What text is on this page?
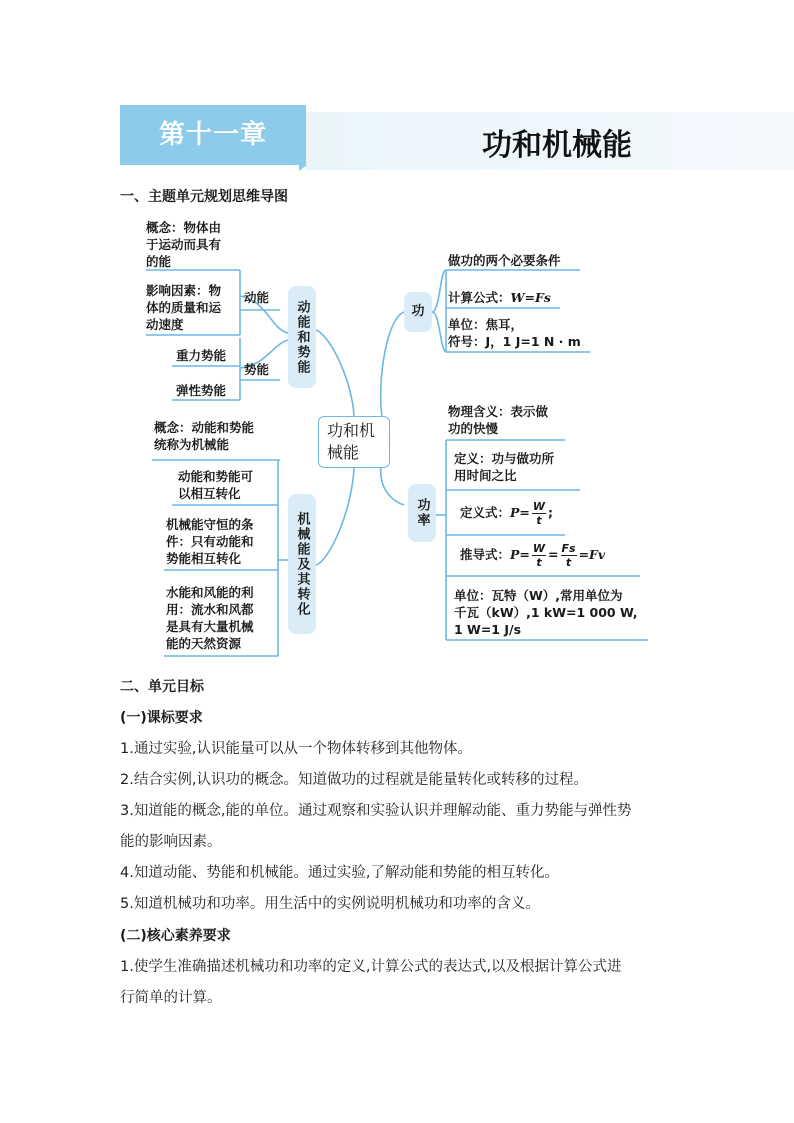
功和机械能
第十一章
一、主题单元规划思维导图
功和机械能
动能和势能
机械能及其转化
功
功率
概念：物体由
于运动而具有
的能
影响因素：物
体的质量和运
动速度
动能
势能
重力势能
弹性势能
概念：动能和势能
统称为机械能
动能和势能可
以相互转化
机械能守恒的条
件：只有动能和
势能相互转化
水能和风能的利
用：流水和风都
是具有大量机械
能的天然资源
做功的两个必要条件
计算公式：W=Fs
单位：焦耳，
符号：J，1 J=1 N · m
物理含义：表示做
功的快慢
定义：功与做功所
用时间之比
定义式：$P= \frac{W}{t}$ ;
推导式：$P= \frac{W}{t} = \frac{Fs}{t} =Fv$
单位：瓦特（W）,常用单位为
千瓦（kW）,1 kW=1 000 W,
1 W=1 J/s
二、单元目标
(一)课标要求
1.通过实验,认识能量可以从一个物体转移到其他物体。
2.结合实例,认识功的概念。知道做功的过程就是能量转化或转移的过程。
3.知道能的概念,能的单位。通过观察和实验认识并理解动能、重力势能与弹性势
能的影响因素。
4.知道动能、势能和机械能。通过实验,了解动能和势能的相互转化。
5.知道机械功和功率。用生活中的实例说明机械功和功率的含义。
(二)核心素养要求
1.使学生准确描述机械功和功率的定义,计算公式的表达式,以及根据计算公式进
行简单的计算。
